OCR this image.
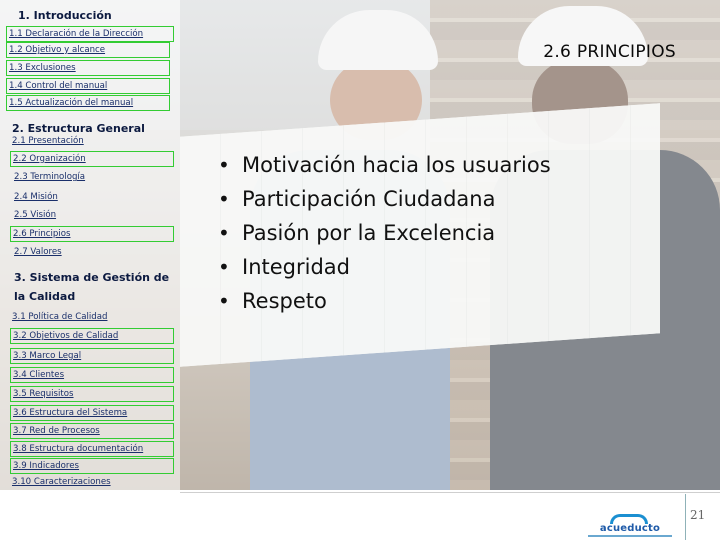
1. Introducción
1.1 Declaración de la Dirección
1.2 Objetivo y alcance
1.3 Exclusiones
1.4 Control del manual
1.5 Actualización del manual
2. Estructura General
2.1 Presentación
2.2 Organización
2.3 Terminología
2.4 Misión
2.5 Visión
2.6 Principios
2.7 Valores
3. Sistema de Gestión de la Calidad
3.1 Política de Calidad
3.2 Objetivos de Calidad
3.3 Marco Legal
3.4 Clientes
3.5 Requisitos
3.6 Estructura del Sistema
3.7 Red de Procesos
3.8 Estructura documentación
3.9 Indicadores
3.10 Caracterizaciones
2.6 PRINCIPIOS
• Motivación hacia los usuarios
• Participación Ciudadana
• Pasión por la Excelencia
• Integridad
• Respeto
acueducto
21
